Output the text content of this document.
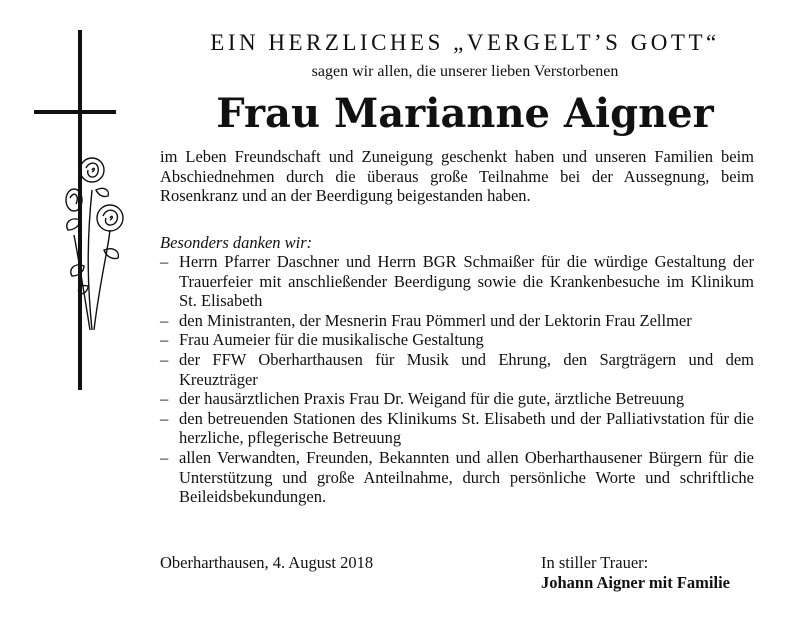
EIN HERZLICHES „VERGELT’S GOTT“
sagen wir allen, die unserer lieben Verstorbenen
Frau Marianne Aigner

im Leben Freundschaft und Zuneigung geschenkt haben und unseren Familien beim Abschiednehmen durch die überaus große Teilnahme bei der Aussegnung, beim Rosenkranz und an der Beerdigung beigestanden haben.

Besonders danken wir:
– Herrn Pfarrer Daschner und Herrn BGR Schmaißer für die würdige Gestaltung der Trauerfeier mit anschließender Beerdigung sowie die Krankenbesuche im Klinikum St. Elisabeth
– den Ministranten, der Mesnerin Frau Pömmerl und der Lektorin Frau Zellmer
– Frau Aumeier für die musikalische Gestaltung
– der FFW Oberharthausen für Musik und Ehrung, den Sargträgern und dem Kreuzträger
– der hausärztlichen Praxis Frau Dr. Weigand für die gute, ärztliche Betreuung
– den betreuenden Stationen des Klinikums St. Elisabeth und der Palliativstation für die herzliche, pflegerische Betreuung
– allen Verwandten, Freunden, Bekannten und allen Oberharthausener Bürgern für die Unterstützung und große Anteilnahme, durch persönliche Worte und schriftliche Beileidsbekundungen.
Oberharthausen, 4. August 2018	In stiller Trauer:
Johann Aigner mit Familie
